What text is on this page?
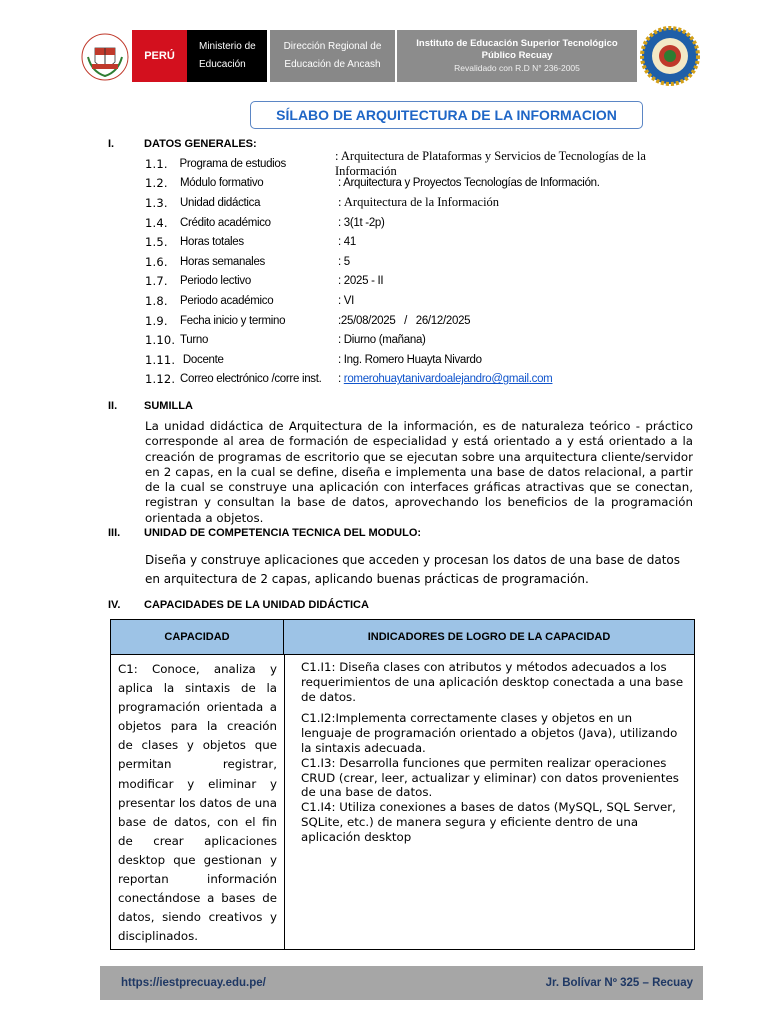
PERÚ
Ministerio de
Educación
Dirección Regional de
Educación de Ancash
Instituto de Educación Superior Tecnológico
Público Recuay
Revalidado con R.D N° 236-2005
SÍLABO DE ARQUITECTURA DE LA INFORMACION
I.	DATOS GENERALES:
1.1.	Programa de estudios
: Arquitectura de Plataformas y Servicios de Tecnologías de la Información
1.2.	Módulo formativo	: Arquitectura y Proyectos Tecnologías de Información.
1.3.	Unidad didáctica	: Arquitectura de la Información
1.4.	Crédito académico	: 3(1t -2p)
1.5.	Horas totales	: 41
1.6.	Horas semanales	: 5
1.7.	Periodo lectivo	: 2025 - II
1.8.	Periodo académico	: VI
1.9.	Fecha inicio y termino	:25/08/2025   /   26/12/2025
1.10. Turno	: Diurno (mañana)
1.11. Docente	: Ing. Romero Huayta Nivardo
1.12. Correo electrónico /corre inst.	: romerohuaytanivardoalejandro@gmail.com
II.	SUMILLA
La unidad didáctica de Arquitectura de la información, es de naturaleza teórico - práctico corresponde al area de formación de especialidad y está orientado a y está orientado a la creación de programas de escritorio que se ejecutan sobre una arquitectura cliente/servidor en 2 capas, en la cual se define, diseña e implementa una base de datos relacional, a partir de la cual se construye una aplicación con interfaces gráficas atractivas que se conectan, registran y consultan la base de datos, aprovechando los beneficios de la programación orientada a objetos.
III.	UNIDAD DE COMPETENCIA TECNICA DEL MODULO:
Diseña y construye aplicaciones que acceden y procesan los datos de una base de datos en arquitectura de 2 capas, aplicando buenas prácticas de programación.
IV.	CAPACIDADES DE LA UNIDAD DIDÁCTICA
CAPACIDAD	INDICADORES DE LOGRO DE LA CAPACIDAD
C1: Conoce, analiza y aplica la sintaxis de la programación orientada a objetos para la creación de clases y objetos que permitan registrar, modificar y eliminar y presentar los datos de una base de datos, con el fin de crear aplicaciones desktop que gestionan y reportan información conectándose a bases de datos, siendo creativos y disciplinados.

C1.I1: Diseña clases con atributos y métodos adecuados a los requerimientos de una aplicación desktop conectada a una base de datos.

C1.I2:Implementa correctamente clases y objetos en un lenguaje de programación orientado a objetos (Java), utilizando la sintaxis adecuada.

C1.I3: Desarrolla funciones que permiten realizar operaciones CRUD (crear, leer, actualizar y eliminar) con datos provenientes de una base de datos.

C1.I4: Utiliza conexiones a bases de datos (MySQL, SQL Server, SQLite, etc.) de manera segura y eficiente dentro de una aplicación desktop

https://iestprecuay.edu.pe/	Jr. Bolívar Nº 325 – Recuay
